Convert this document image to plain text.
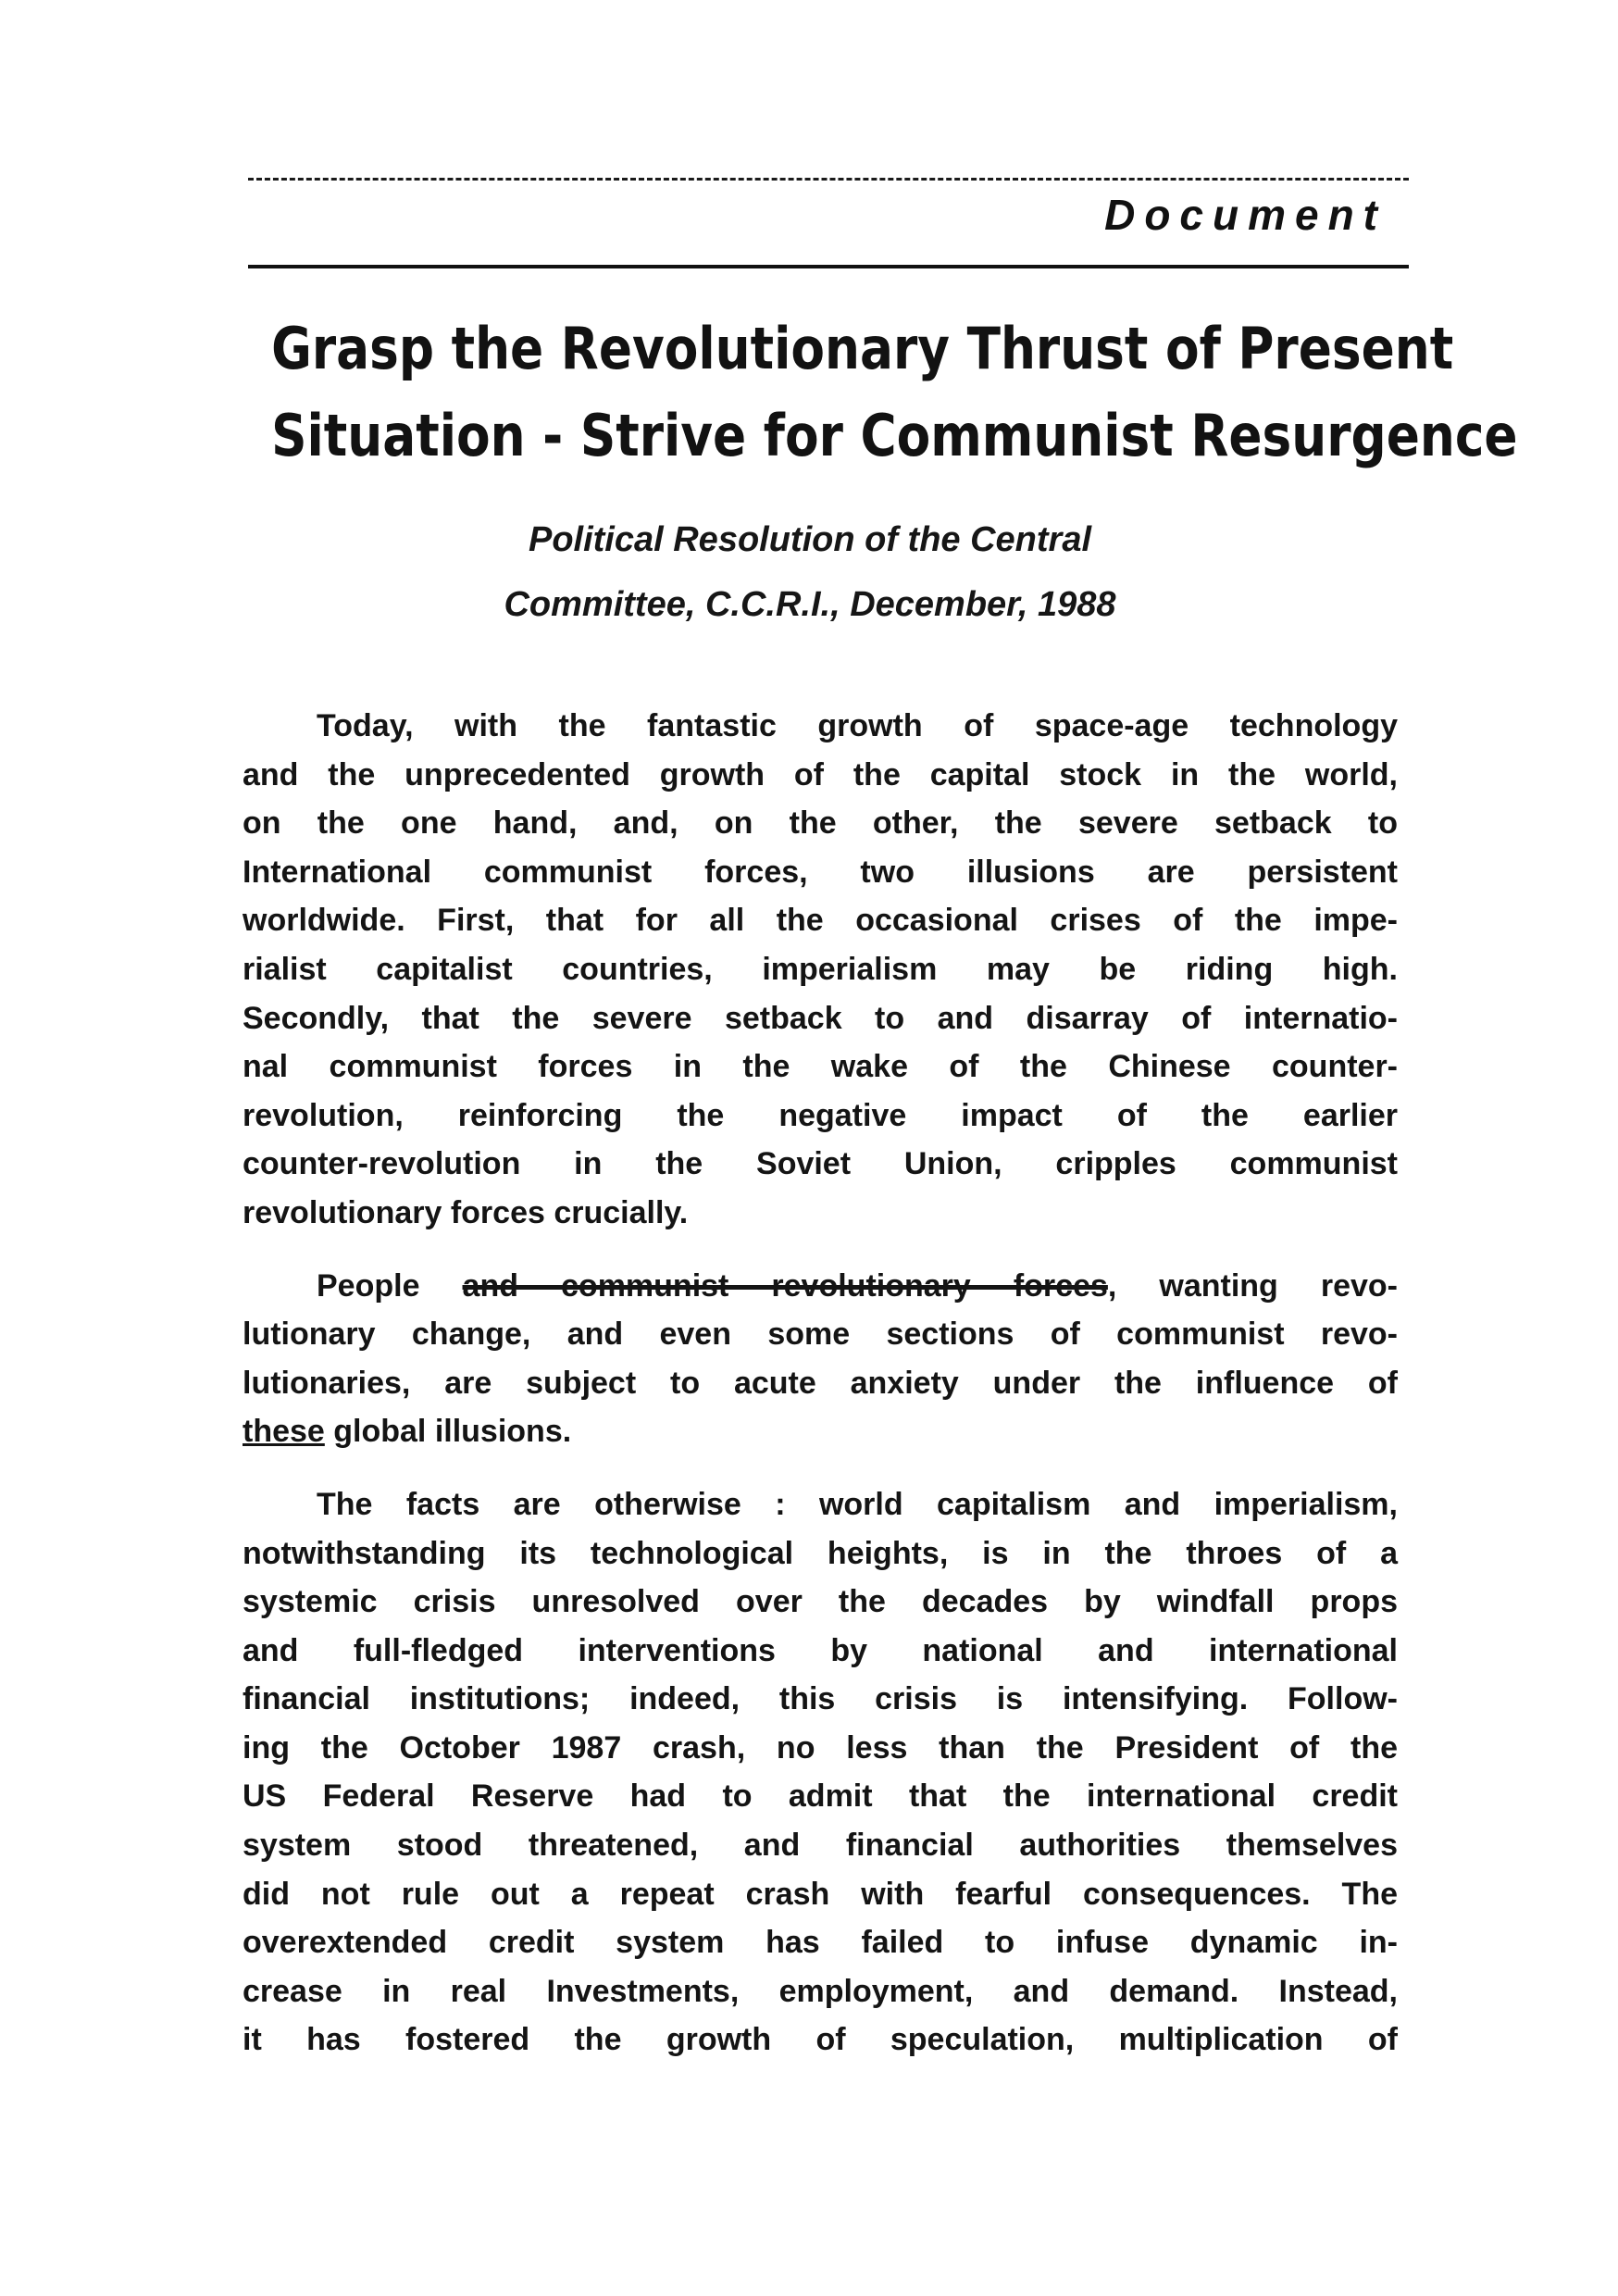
Document
Grasp the Revolutionary Thrust of Present
Situation - Strive for Communist Resurgence
Political Resolution of the Central
Committee, C.C.R.I., December, 1988
Today, with the fantastic growth of space-age technology
and the unprecedented growth of the capital stock in the world,
on the one hand, and, on the other, the severe setback to
International communist forces, two illusions are persistent
worldwide. First, that for all the occasional crises of the impe-
rialist capitalist countries, imperialism may be riding high.
Secondly, that the severe setback to and disarray of internatio-
nal communist forces in the wake of the Chinese counter-
revolution, reinforcing the negative impact of the earlier
counter-revolution in the Soviet Union, cripples communist
revolutionary forces crucially.
People and communist revolutionary forces, wanting revo-
lutionary change, and even some sections of communist revo-
lutionaries, are subject to acute anxiety under the influence of
these global illusions.
The facts are otherwise : world capitalism and imperialism,
notwithstanding its technological heights, is in the throes of a
systemic crisis unresolved over the decades by windfall props
and full-fledged interventions by national and international
financial institutions; indeed, this crisis is intensifying. Follow-
ing the October 1987 crash, no less than the President of the
US Federal Reserve had to admit that the international credit
system stood threatened, and financial authorities themselves
did not rule out a repeat crash with fearful consequences. The
overextended credit system has failed to infuse dynamic in-
crease in real Investments, employment, and demand. Instead,
it has fostered the growth of speculation, multiplication of
